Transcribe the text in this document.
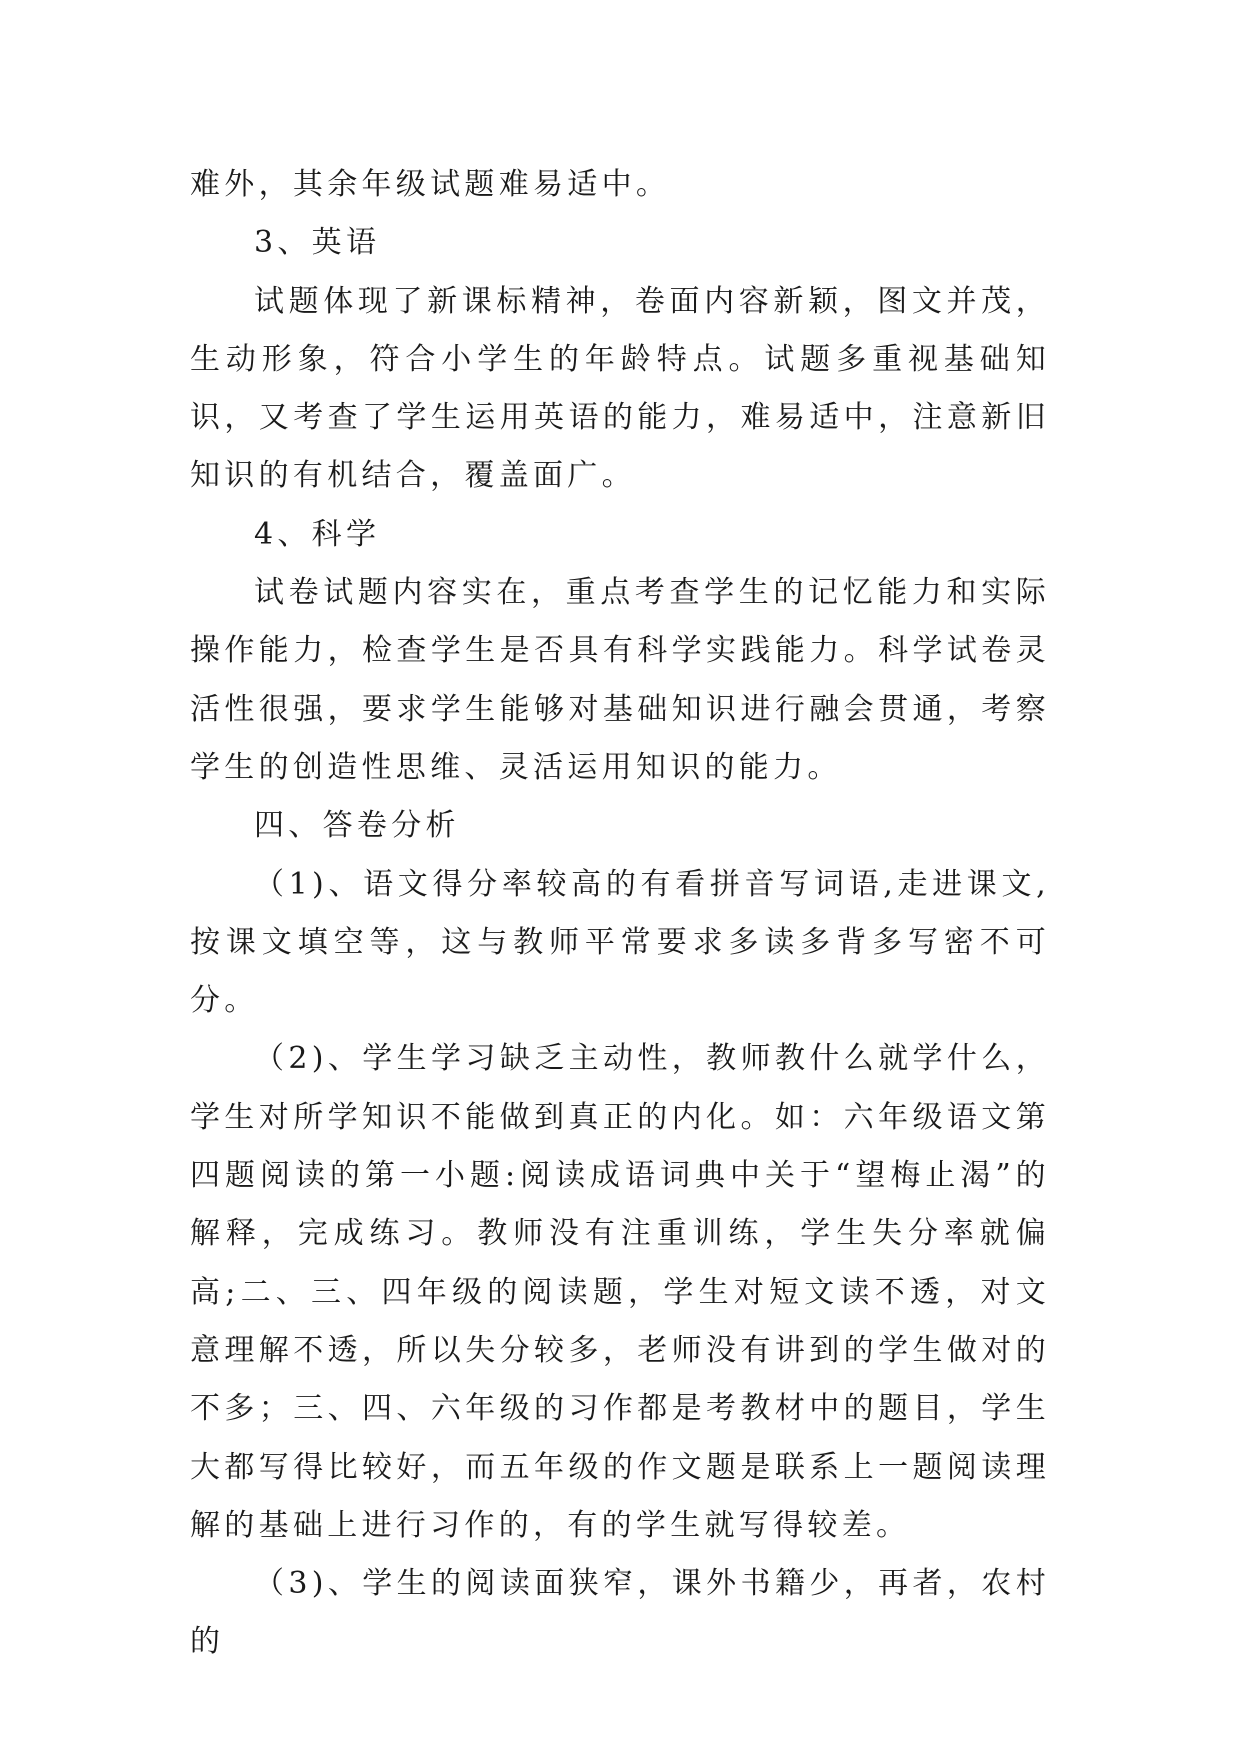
难外，其余年级试题难易适中。

3、英语

试题体现了新课标精神，卷面内容新颖，图文并茂，生动形象，符合小学生的年龄特点。试题多重视基础知识，又考查了学生运用英语的能力，难易适中，注意新旧知识的有机结合，覆盖面广。

4、科学

试卷试题内容实在，重点考查学生的记忆能力和实际操作能力，检查学生是否具有科学实践能力。科学试卷灵活性很强，要求学生能够对基础知识进行融会贯通，考察学生的创造性思维、灵活运用知识的能力。

四、答卷分析

（1)、语文得分率较高的有看拼音写词语,走进课文,按课文填空等，这与教师平常要求多读多背多写密不可分。

（2)、学生学习缺乏主动性，教师教什么就学什么，学生对所学知识不能做到真正的内化。如：六年级语文第四题阅读的第一小题:阅读成语词典中关于“望梅止渴”的解释，完成练习。教师没有注重训练，学生失分率就偏高;二、三、四年级的阅读题，学生对短文读不透，对文意理解不透，所以失分较多，老师没有讲到的学生做对的不多；三、四、六年级的习作都是考教材中的题目，学生大都写得比较好，而五年级的作文题是联系上一题阅读理解的基础上进行习作的，有的学生就写得较差。

（3)、学生的阅读面狭窄，课外书籍少，再者，农村的
